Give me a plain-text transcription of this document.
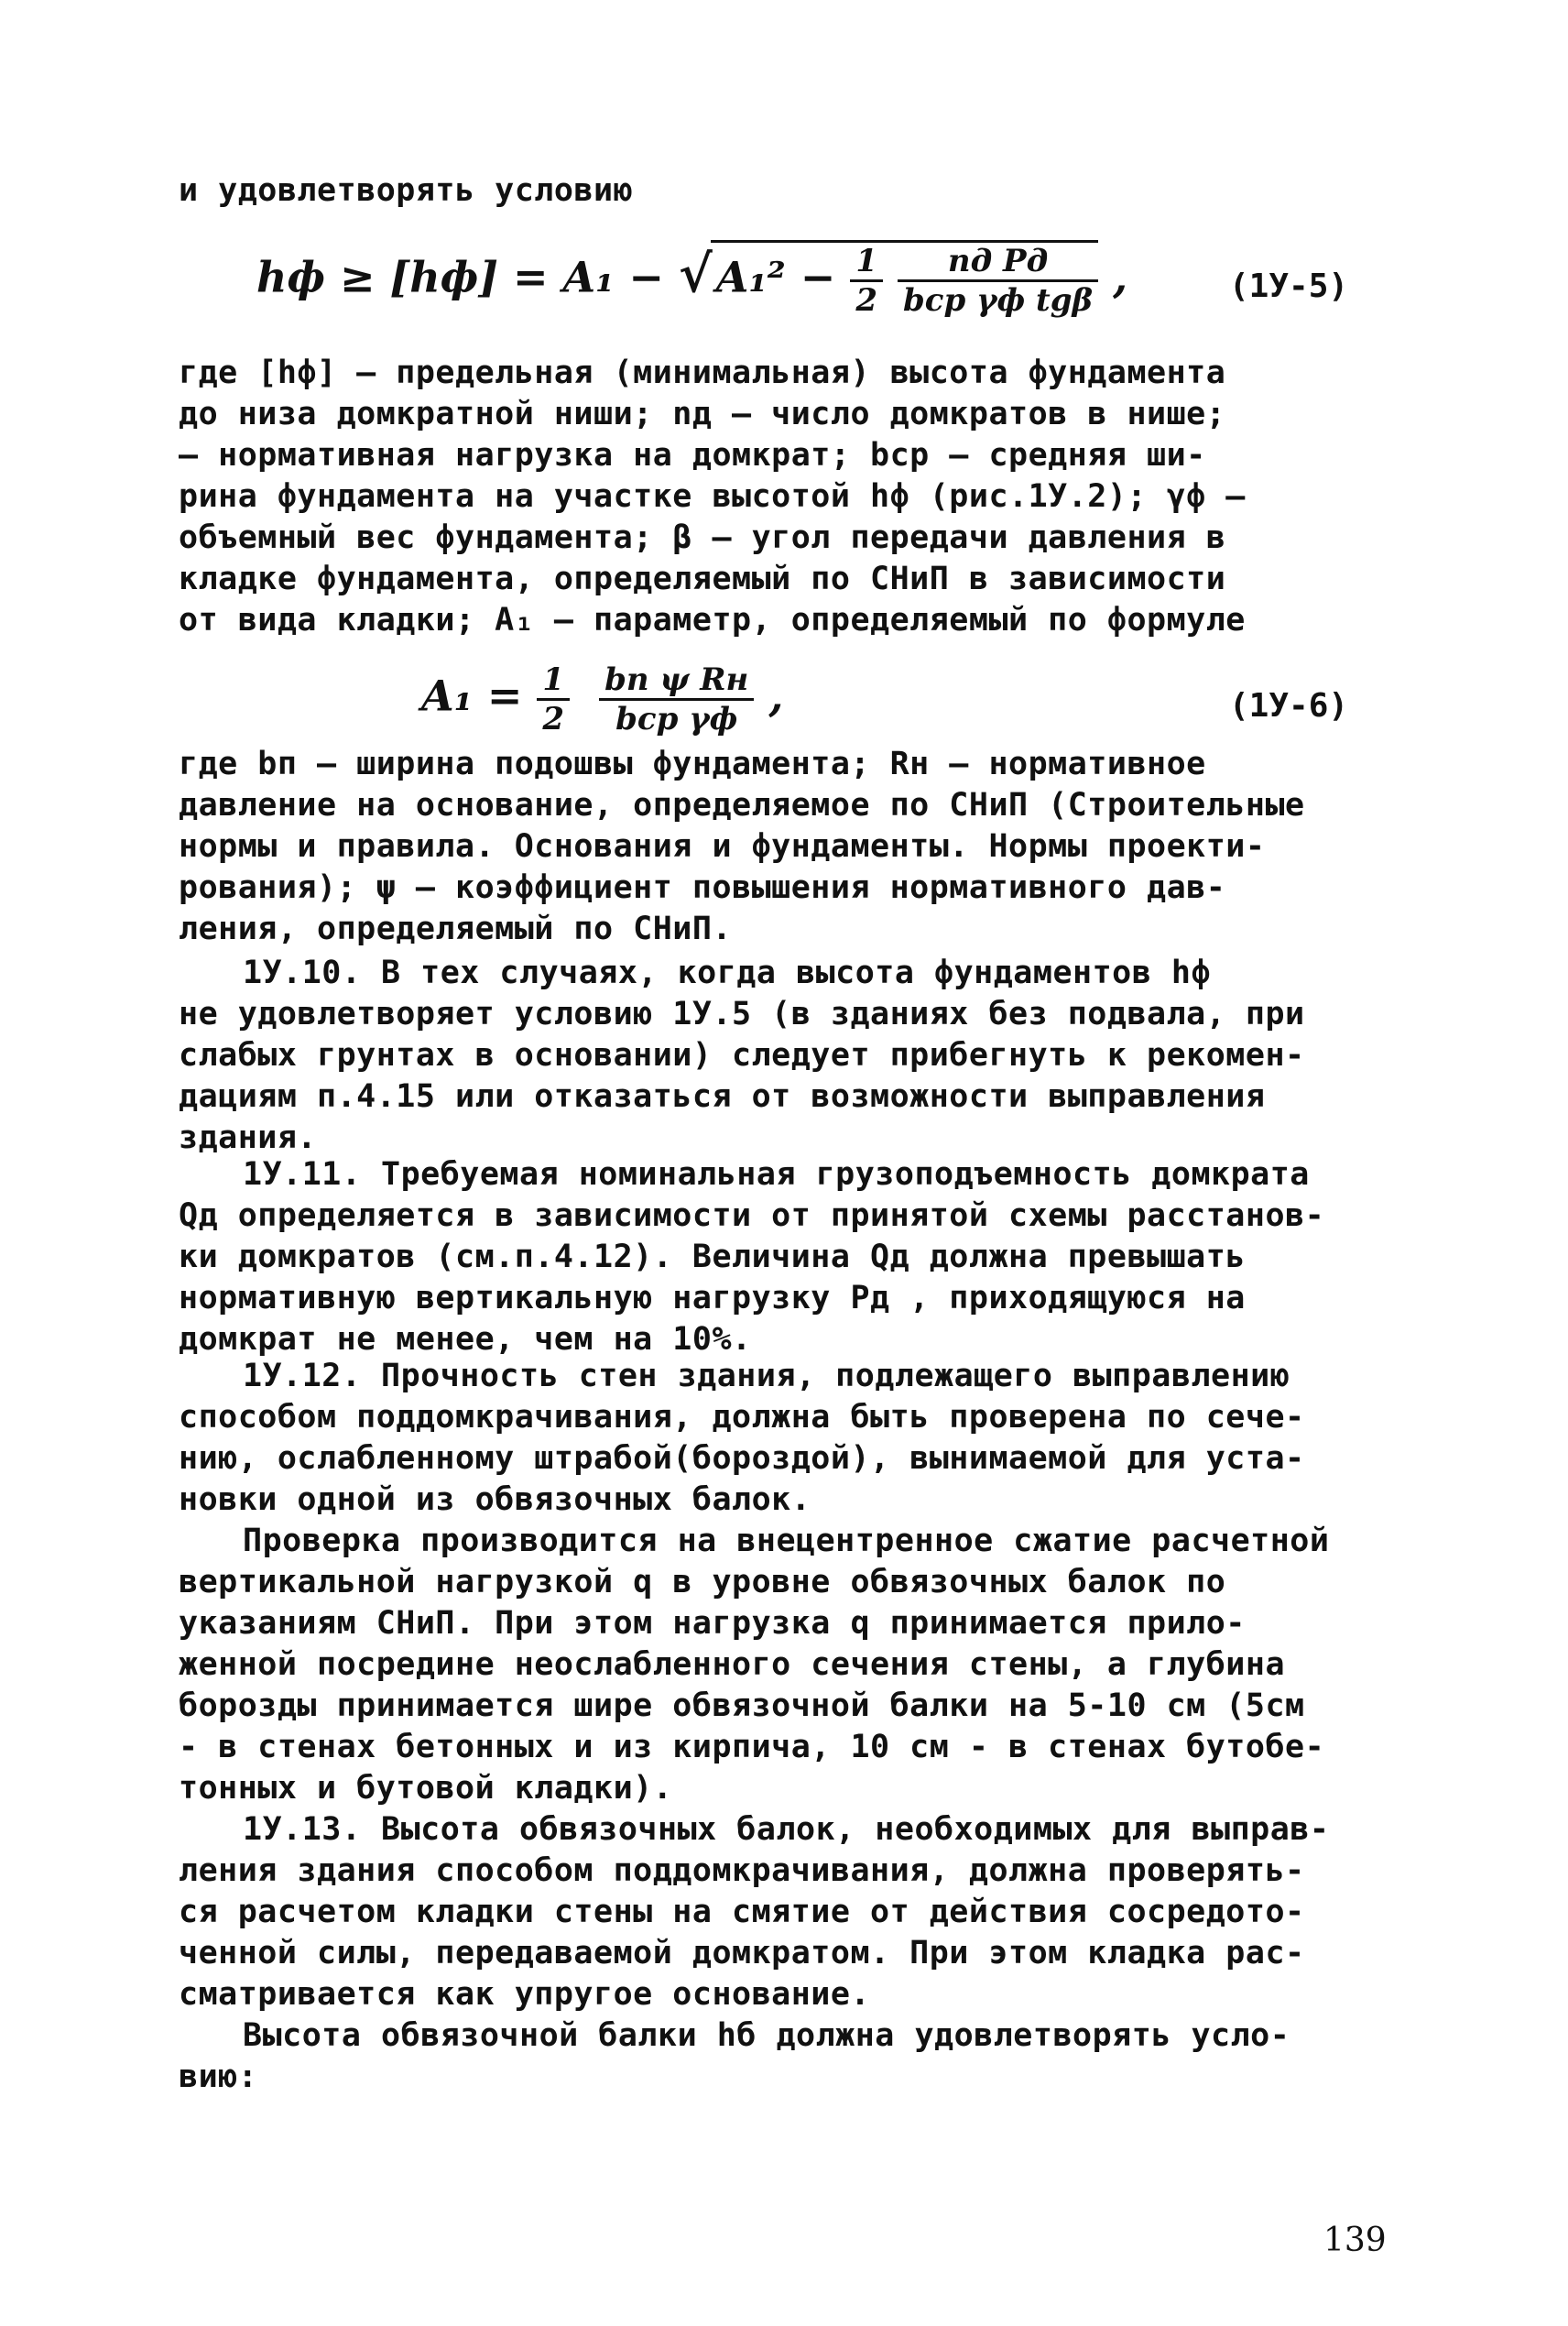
и удовлетворять условию
hф ≥ $[hф] = A_1 - √A_1^2 - \frac{1}{2}$
$\frac{\text{nд Pд}}{\text{bср γф tgβ}}$ ,	(1У-5)
где [hф] – предельная (минимальная) высота фундамента
до низа домкратной ниши; nд – число домкратов в нише;
– нормативная нагрузка на домкрат; bср – средняя ши-
рина фундамента на участке высотой hф (рис.1У.2); γф –
объемный вес фундамента; β – угол передачи давления в
кладке фундамента, определяемый по СНиП в зависимости
от вида кладки; A₁ – параметр, определяемый по формуле
$A_1 = \frac{1}{2}$
$\frac{\text{bп ψ Rн}}{\text{bср γф}}$ ,	(1У-6)
где bп – ширина подошвы фундамента; Rн – нормативное
давление на основание, определяемое по СНиП (Строительные
нормы и правила. Основания и фундаменты. Нормы проекти-
рования); ψ – коэффициент повышения нормативного дав-
ления, определяемый по СНиП.
1У.10. В тех случаях, когда высота фундаментов hф
не удовлетворяет условию 1У.5 (в зданиях без подвала, при
слабых грунтах в основании) следует прибегнуть к рекомен-
дациям п.4.15 или отказаться от возможности выправления
здания.
1У.11. Требуемая номинальная грузоподъемность домкрата
Qд определяется в зависимости от принятой схемы расстанов-
ки домкратов (см.п.4.12). Величина Qд должна превышать
нормативную вертикальную нагрузку Pд , приходящуюся на
домкрат не менее, чем на 10%.
1У.12. Прочность стен здания, подлежащего выправлению
способом поддомкрачивания, должна быть проверена по сече-
нию, ослабленному штрабой(бороздой), вынимаемой для уста-
новки одной из обвязочных балок.
Проверка производится на внецентренное сжатие расчетной
вертикальной нагрузкой q в уровне обвязочных балок по
указаниям СНиП. При этом нагрузка q принимается прило-
женной посредине неослабленного сечения стены, а глубина
борозды принимается шире обвязочной балки на 5-10 см (5см
- в стенах бетонных и из кирпича, 10 см - в стенах бутобе-
тонных и бутовой кладки).
1У.13. Высота обвязочных балок, необходимых для выправ-
ления здания способом поддомкрачивания, должна проверять-
ся расчетом кладки стены на смятие от действия сосредото-
ченной силы, передаваемой домкратом. При этом кладка рас-
сматривается как упругое основание.
Высота обвязочной балки hб должна удовлетворять усло-
вию:
139
